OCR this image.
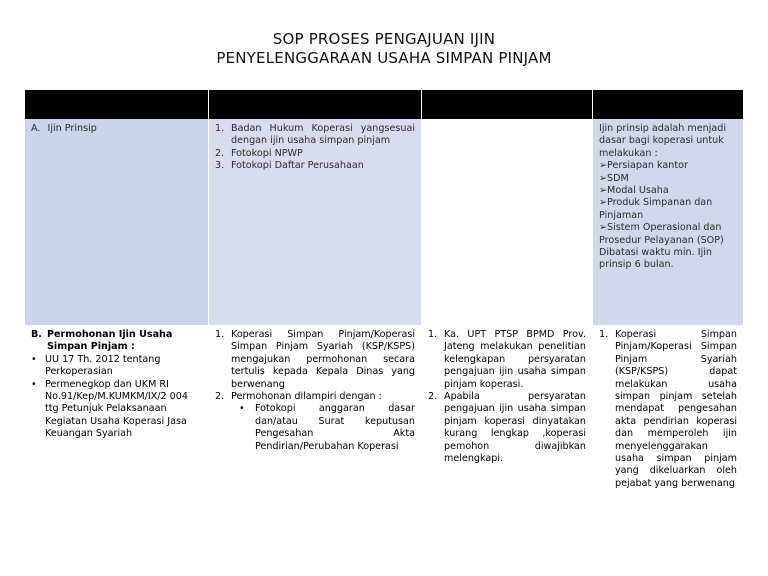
SOP PROSES PENGAJUAN IJIN
PENYELENGGARAAN USAHA SIMPAN PINJAM
A. Ijin Prinsip	1. Badan Hukum Koperasi yangsesuai dengan ijin usaha simpan pinjam
2. Fotokopi NPWP
3. Fotokopi Daftar Perusahaan
Ijin prinsip adalah menjadi dasar bagi koperasi untuk melakukan :
➢Persiapan kantor
➢SDM
➢Modal Usaha
➢Produk Simpanan dan Pinjaman
➢Sistem Operasional dan Prosedur Pelayanan (SOP)
Dibatasi waktu min. Ijin prinsip 6 bulan.
B. Permohonan Ijin Usaha Simpan Pinjam :
• UU 17 Th. 2012 tentang Perkoperasian
• Permenegkop dan UKM RI No.91/Kep/M.KUMKM/IX/2 004 ttg Petunjuk Pelaksanaan Kegiatan Usaha Koperasi Jasa Keuangan Syariah
1. Koperasi Simpan Pinjam/Koperasi Simpan Pinjam Syariah (KSP/KSPS) mengajukan permohonan secara tertulis kepada Kepala Dinas yang berwenang
2. Permohonan dilampiri dengan :
• Fotokopi anggaran dasar dan/atau Surat keputusan Pengesahan Akta Pendirian/Perubahan Koperasi
1. Ka. UPT PTSP BPMD Prov. Jateng melakukan penelitian kelengkapan persyaratan pengajuan ijin usaha simpan pinjam koperasi.
2. Apabila persyaratan pengajuan ijin usaha simpan pinjam koperasi dinyatakan kurang lengkap ,koperasi pemohon diwajibkan melengkapi.
1. Koperasi Simpan Pinjam/Koperasi Simpan Pinjam Syariah (KSP/KSPS) dapat melakukan usaha simpan pinjam setelah mendapat pengesahan akta pendirian koperasi dan memperoleh ijin menyelenggarakan usaha simpan pinjam yang dikeluarkan oleh pejabat yang berwenang
